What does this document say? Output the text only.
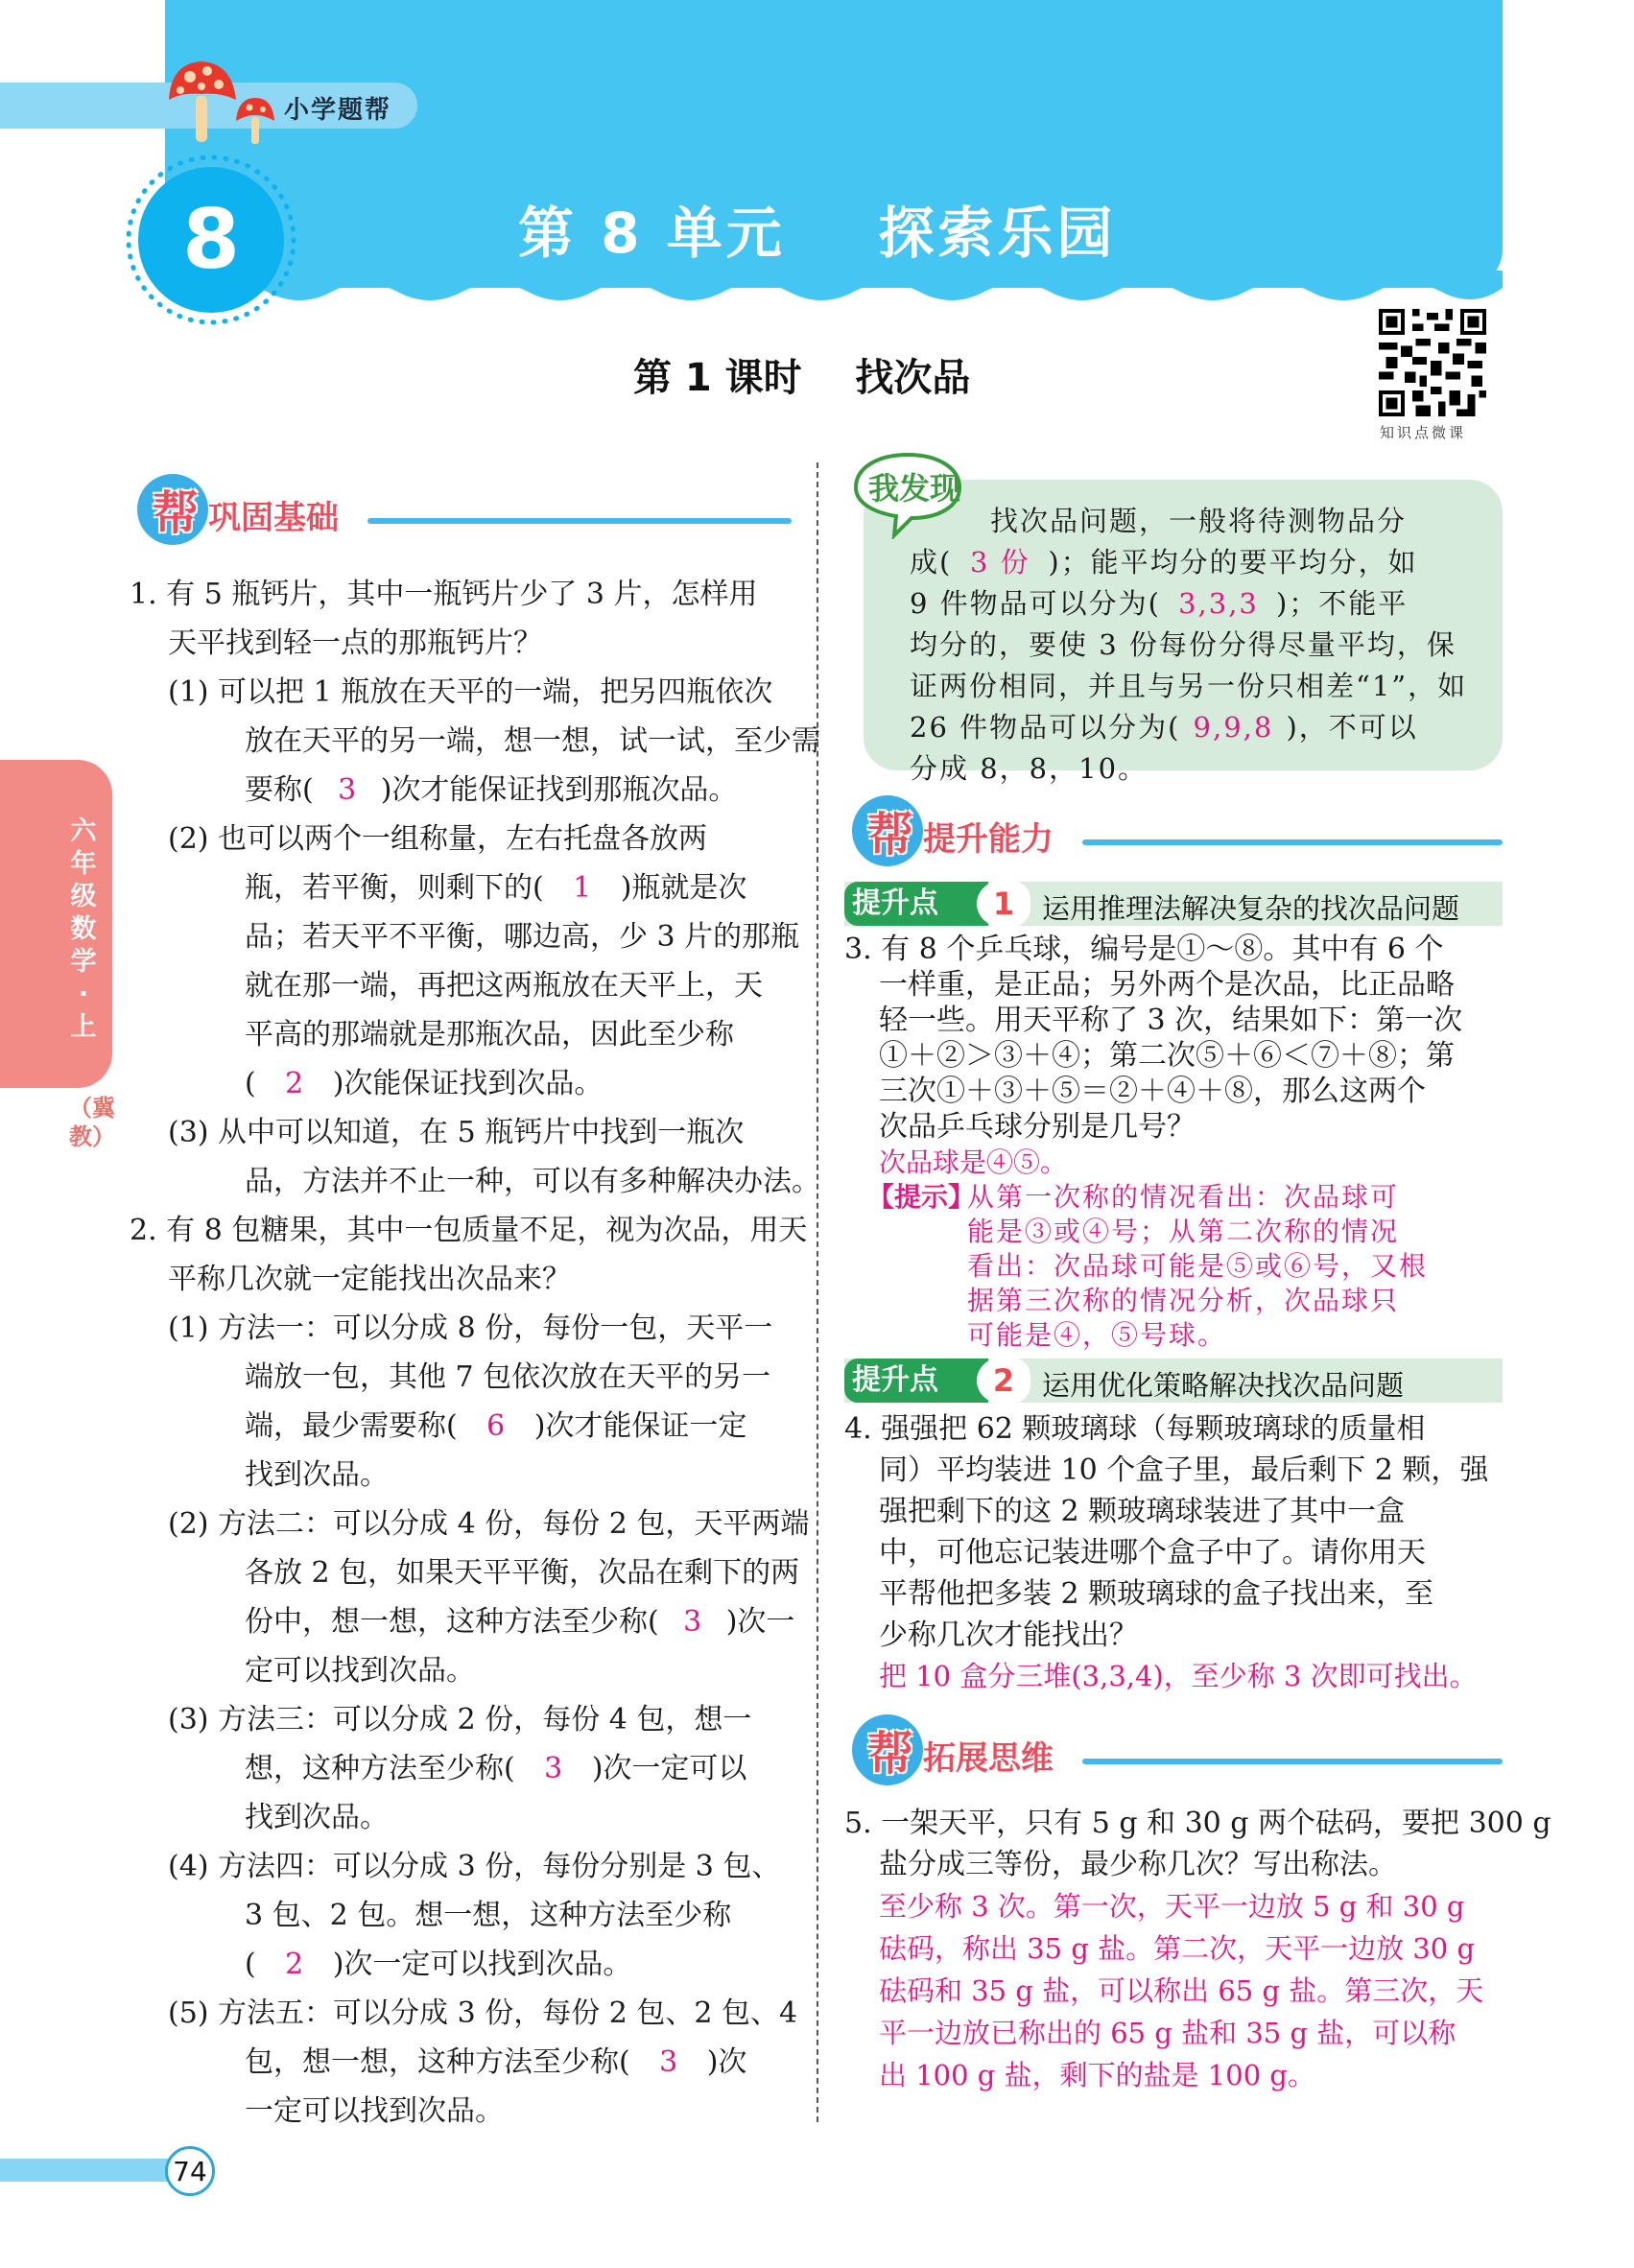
小学题帮
8	第 8 单元    探索乐园
第 1 课时    找次品
知识点微课
六年级数学·上
（冀教）
帮 巩固基础
1. 有 5 瓶钙片，其中一瓶钙片少了 3 片，怎样用
天平找到轻一点的那瓶钙片？
(1) 可以把 1 瓶放在天平的一端，把另四瓶依次
放在天平的另一端，想一想，试一试，至少需
要称( 3 )次才能保证找到那瓶次品。
(2) 也可以两个一组称量，左右托盘各放两
瓶，若平衡，则剩下的( 1 )瓶就是次
品；若天平不平衡，哪边高，少 3 片的那瓶
就在那一端，再把这两瓶放在天平上，天
平高的那端就是那瓶次品，因此至少称
( 2 )次能保证找到次品。
(3) 从中可以知道，在 5 瓶钙片中找到一瓶次
品，方法并不止一种，可以有多种解决办法。
2. 有 8 包糖果，其中一包质量不足，视为次品，用天
平称几次就一定能找出次品来？
(1) 方法一：可以分成 8 份，每份一包，天平一
端放一包，其他 7 包依次放在天平的另一
端，最少需要称( 6 )次才能保证一定
找到次品。
(2) 方法二：可以分成 4 份，每份 2 包，天平两端
各放 2 包，如果天平平衡，次品在剩下的两
份中，想一想，这种方法至少称( 3 )次一
定可以找到次品。
(3) 方法三：可以分成 2 份，每份 4 包，想一
想，这种方法至少称( 3 )次一定可以
找到次品。
(4) 方法四：可以分成 3 份，每份分别是 3 包、
3 包、2 包。想一想，这种方法至少称
( 2 )次一定可以找到次品。
(5) 方法五：可以分成 3 份，每份 2 包、2 包、4
包，想一想，这种方法至少称( 3 )次
一定可以找到次品。
我发现
找次品问题，一般将待测物品分
成( 3 份 )；能平均分的要平均分，如
9 件物品可以分为( 3,3,3 )；不能平
均分的，要使 3 份每份分得尽量平均，保
证两份相同，并且与另一份只相差“1”，如
26 件物品可以分为( 9,9,8 )，不可以
分成 8，8，10。
帮 提升能力
提升点	1 运用推理法解决复杂的找次品问题
3. 有 8 个乒乓球，编号是①～⑧。其中有 6 个
一样重，是正品；另外两个是次品，比正品略
轻一些。用天平称了 3 次，结果如下：第一次
①＋②＞③＋④；第二次⑤＋⑥＜⑦＋⑧；第
三次①＋③＋⑤＝②＋④＋⑧，那么这两个
次品乒乓球分别是几号？
次品球是④⑤。
【提示】
从第一次称的情况看出：次品球可
能是③或④号；从第二次称的情况
看出：次品球可能是⑤或⑥号，又根
据第三次称的情况分析，次品球只
可能是④，⑤号球。
提升点	2 运用优化策略解决找次品问题
4. 强强把 62 颗玻璃球（每颗玻璃球的质量相
同）平均装进 10 个盒子里，最后剩下 2 颗，强
强把剩下的这 2 颗玻璃球装进了其中一盒
中，可他忘记装进哪个盒子中了。请你用天
平帮他把多装 2 颗玻璃球的盒子找出来，至
少称几次才能找出？
把 10 盒分三堆(3,3,4)，至少称 3 次即可找出。
帮 拓展思维
5. 一架天平，只有 5 g 和 30 g 两个砝码，要把 300 g
盐分成三等份，最少称几次？写出称法。
至少称 3 次。第一次，天平一边放 5 g 和 30 g
砝码，称出 35 g 盐。第二次，天平一边放 30 g
砝码和 35 g 盐，可以称出 65 g 盐。第三次，天
平一边放已称出的 65 g 盐和 35 g 盐，可以称
出 100 g 盐，剩下的盐是 100 g。
74
